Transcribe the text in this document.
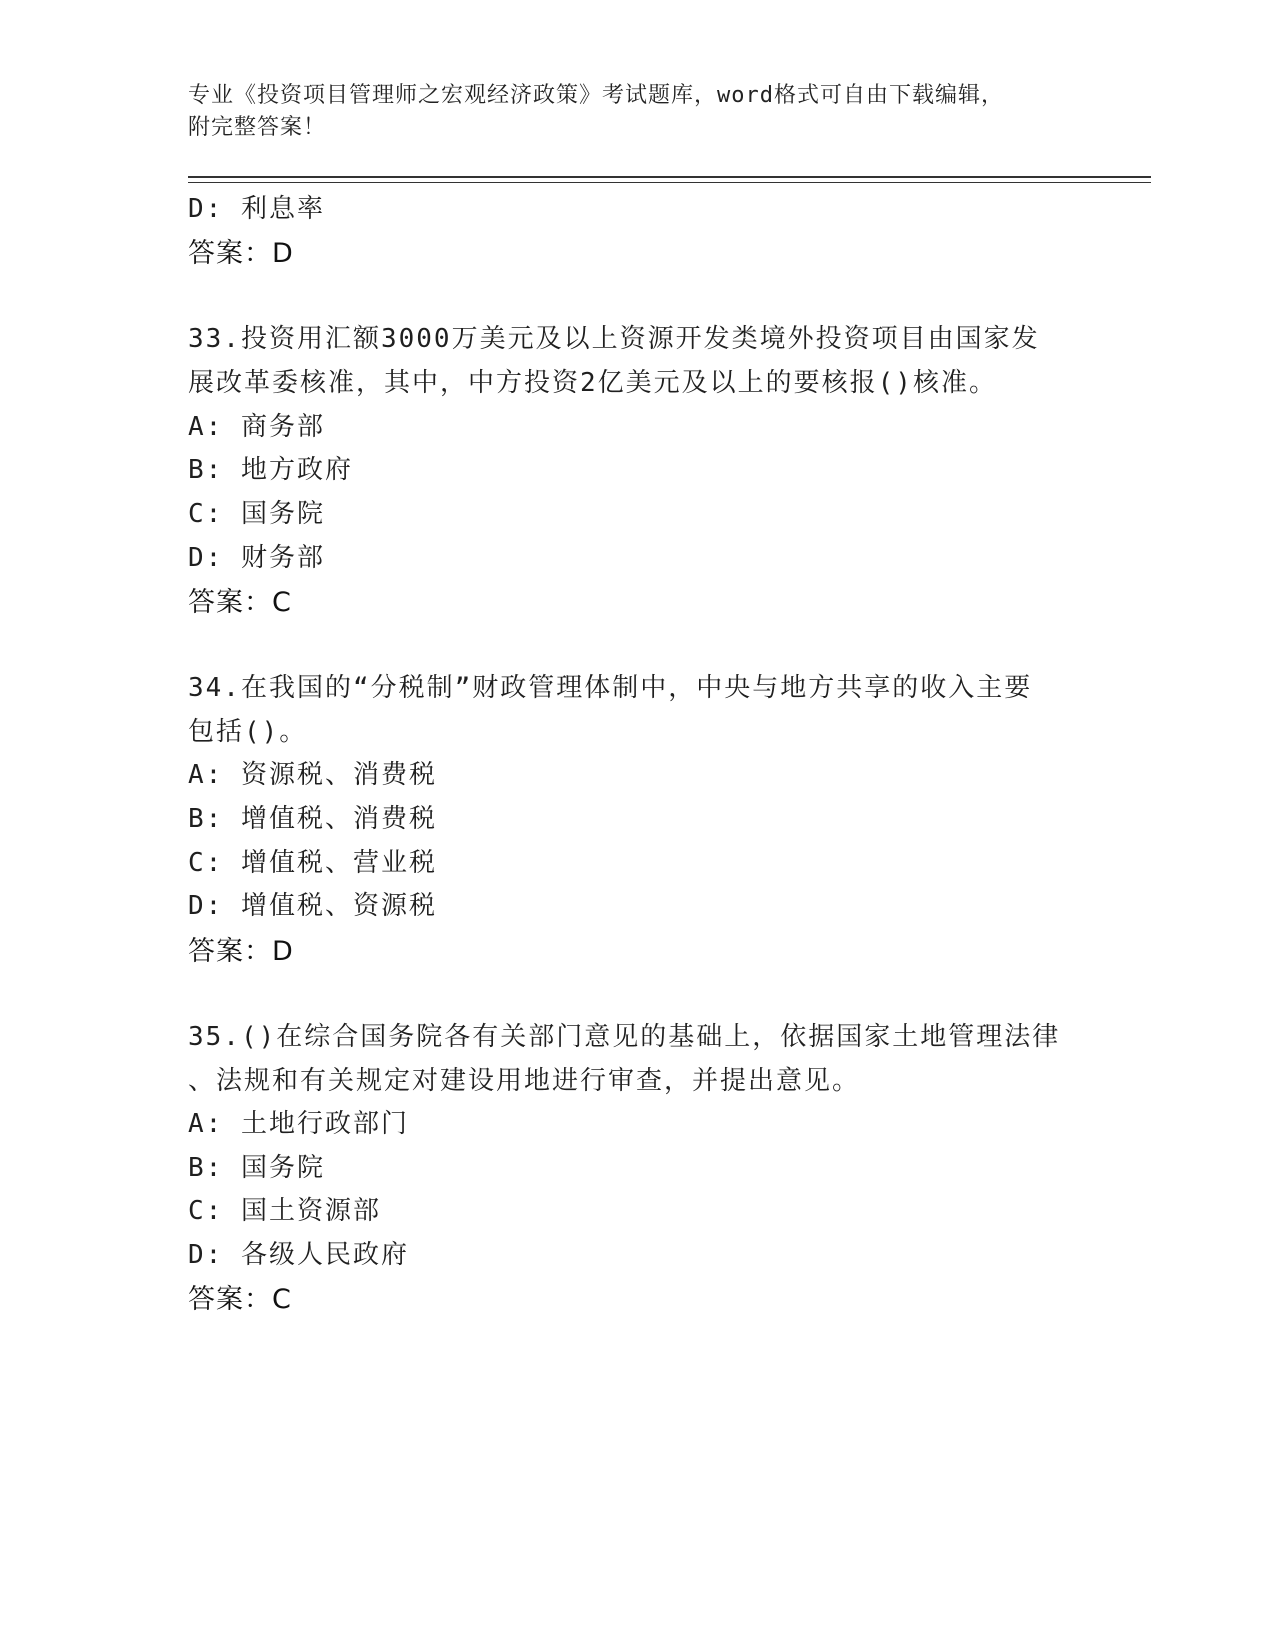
专业《投资项目管理师之宏观经济政策》考试题库，word格式可自由下载编辑，
附完整答案！
D: 利息率
答案：D
33.投资用汇额3000万美元及以上资源开发类境外投资项目由国家发
展改革委核准，其中，中方投资2亿美元及以上的要核报()核准。
A: 商务部
B: 地方政府
C: 国务院
D: 财务部
答案：C
34.在我国的“分税制”财政管理体制中，中央与地方共享的收入主要
包括()。
A: 资源税、消费税
B: 增值税、消费税
C: 增值税、营业税
D: 增值税、资源税
答案：D
35.()在综合国务院各有关部门意见的基础上，依据国家土地管理法律
、法规和有关规定对建设用地进行审查，并提出意见。
A: 土地行政部门
B: 国务院
C: 国土资源部
D: 各级人民政府
答案：C
